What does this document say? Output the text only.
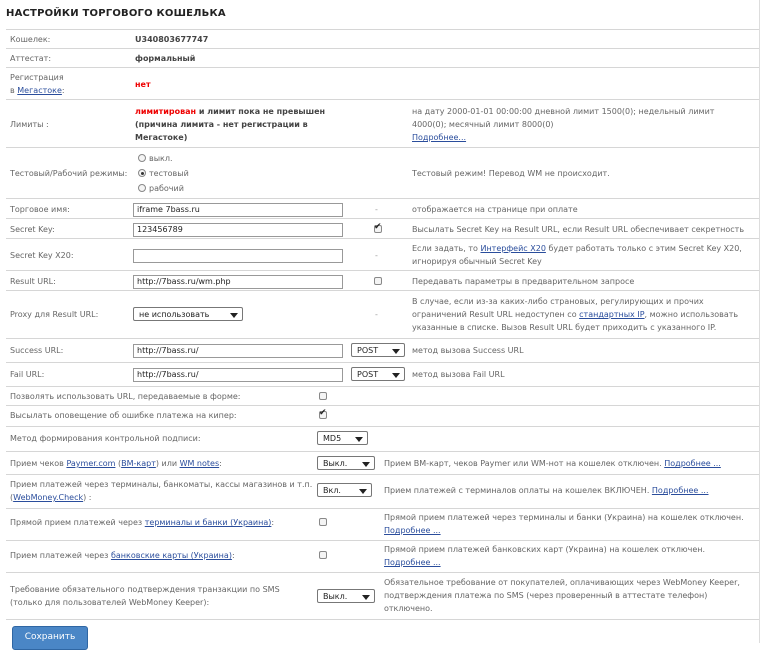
НАСТРОЙКИ ТОРГОВОГО КОШЕЛЬКА
Кошелек:	U340803677747
Аттестат:	формальный
Регистрация
в Мегастоке:
нет
Лимиты :
лимитирован и лимит пока не превышен
(причина лимита - нет регистрации в
Мегастоке)
на дату 2000-01-01 00:00:00 дневной лимит 1500(0); недельный лимит
4000(0); месячный лимит 8000(0)
Подробнее...
Тестовый/Рабочий режимы:
выкл.
тестовый
рабочий
Тестовый режим! Перевод WM не происходит.
Торговое имя:	iframe 7bass.ru	-	отображается на странице при оплате
Secret Key:	123456789
✔	Высылать Secret Key на Result URL, если Result URL обеспечивает секретность
Secret Key X20:	-
Если задать, то Интерфейс X20 будет работать только с этим Secret Key X20,
игнорируя обычный Secret Key
Result URL:	http://7bass.ru/wm.php	Передавать параметры в предварительном запросе
Proxy для Result URL:	не использовать	-
В случае, если из-за каких-либо страновых, регулирующих и прочих
ограничений Result URL недоступен со стандартных IP, можно использовать
указанные в списке. Вызов Result URL будет приходить с указанного IP.
Success URL:	http://7bass.ru/	POST	метод вызова Success URL
Fail URL:	http://7bass.ru/	POST	метод вызова Fail URL
Позволять использовать URL, передаваемые в форме:
Высылать оповещение об ошибке платежа на кипер:
✔
Метод формирования контрольной подписи:	MD5
Прием чеков Paymer.com (ВМ-карт) или WM notes:	Выкл.	Прием ВМ-карт, чеков Paymer или WM-нот на кошелек отключен. Подробнее ...
Прием платежей через терминалы, банкоматы, кассы магазинов и т.п.
(WebMoney.Check) :
Вкл.	Прием платежей с терминалов оплаты на кошелек ВКЛЮЧЕН. Подробнее ...
Прямой прием платежей через терминалы и банки (Украина):
Прямой прием платежей через терминалы и банки (Украина) на кошелек отключен.
Подробнее ...
Прием платежей через банковские карты (Украина):
Прямой прием платежей банковских карт (Украина) на кошелек отключен.
Подробнее ...
Требование обязательного подтверждения транзакции по SMS
(только для пользователей WebMoney Keeper):
Выкл.
Обязательное требование от покупателей, оплачивающих через WebMoney Keeper,
подтверждения платежа по SMS (через проверенный в аттестате телефон)
отключено.
Сохранить
